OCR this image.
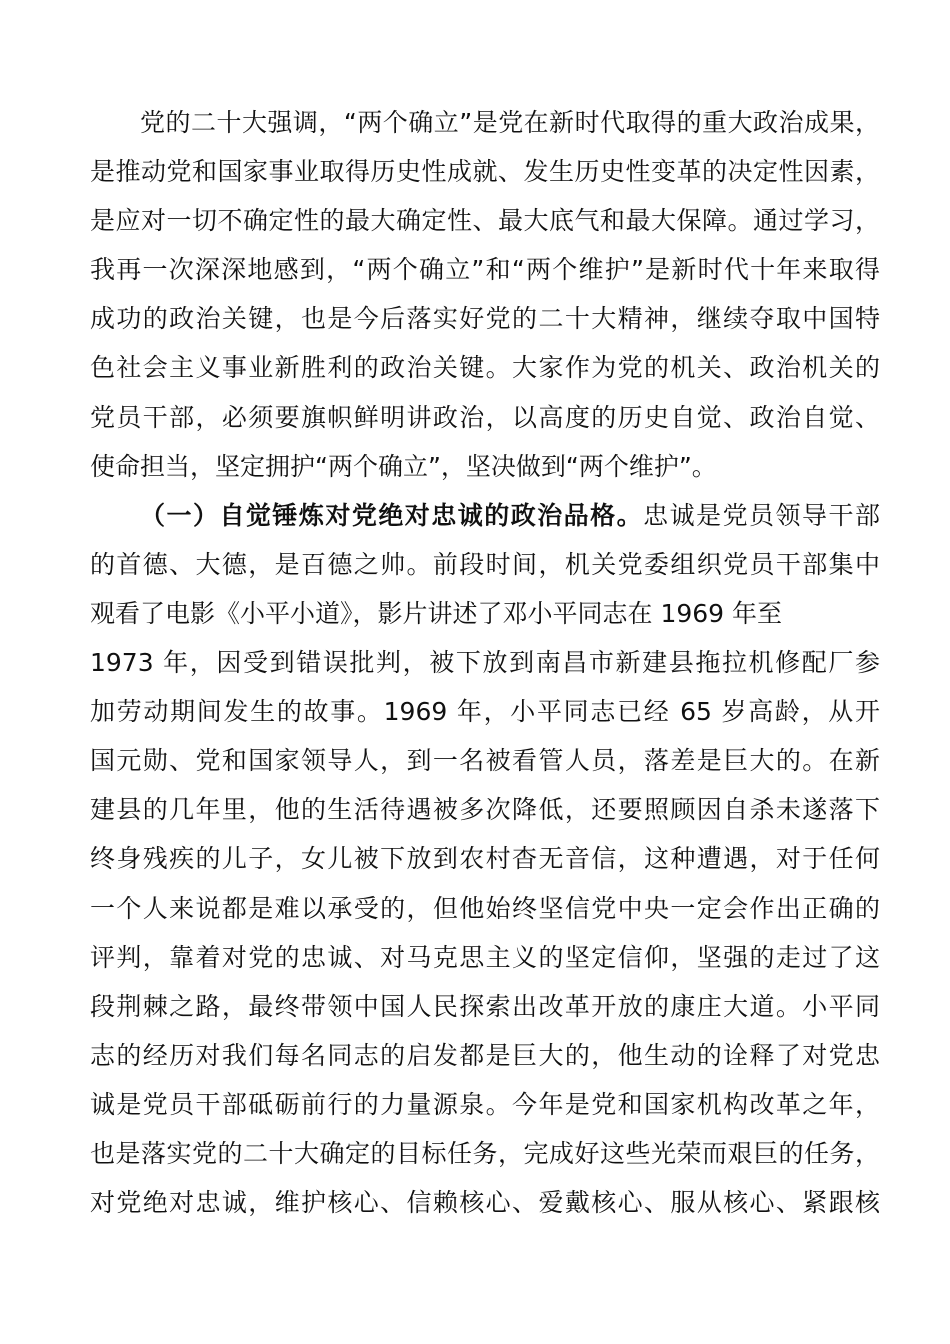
党的二十大强调，“两个确立”是党在新时代取得的重大政治成果，
是推动党和国家事业取得历史性成就、发生历史性变革的决定性因素，
是应对一切不确定性的最大确定性、最大底气和最大保障。通过学习，
我再一次深深地感到，“两个确立”和“两个维护”是新时代十年来取得
成功的政治关键，也是今后落实好党的二十大精神，继续夺取中国特
色社会主义事业新胜利的政治关键。大家作为党的机关、政治机关的
党员干部，必须要旗帜鲜明讲政治，以高度的历史自觉、政治自觉、
使命担当，坚定拥护“两个确立”，坚决做到“两个维护”。
（一）自觉锤炼对党绝对忠诚的政治品格。忠诚是党员领导干部
的首德、大德，是百德之帅。前段时间，机关党委组织党员干部集中
观看了电影《小平小道》，影片讲述了邓小平同志在 1969 年至
1973 年，因受到错误批判，被下放到南昌市新建县拖拉机修配厂参
加劳动期间发生的故事。1969 年，小平同志已经 65 岁高龄，从开
国元勋、党和国家领导人，到一名被看管人员，落差是巨大的。在新
建县的几年里，他的生活待遇被多次降低，还要照顾因自杀未遂落下
终身残疾的儿子，女儿被下放到农村杳无音信，这种遭遇，对于任何
一个人来说都是难以承受的，但他始终坚信党中央一定会作出正确的
评判，靠着对党的忠诚、对马克思主义的坚定信仰，坚强的走过了这
段荆棘之路，最终带领中国人民探索出改革开放的康庄大道。小平同
志的经历对我们每名同志的启发都是巨大的，他生动的诠释了对党忠
诚是党员干部砥砺前行的力量源泉。今年是党和国家机构改革之年，
也是落实党的二十大确定的目标任务，完成好这些光荣而艰巨的任务，
对党绝对忠诚，维护核心、信赖核心、爱戴核心、服从核心、紧跟核
